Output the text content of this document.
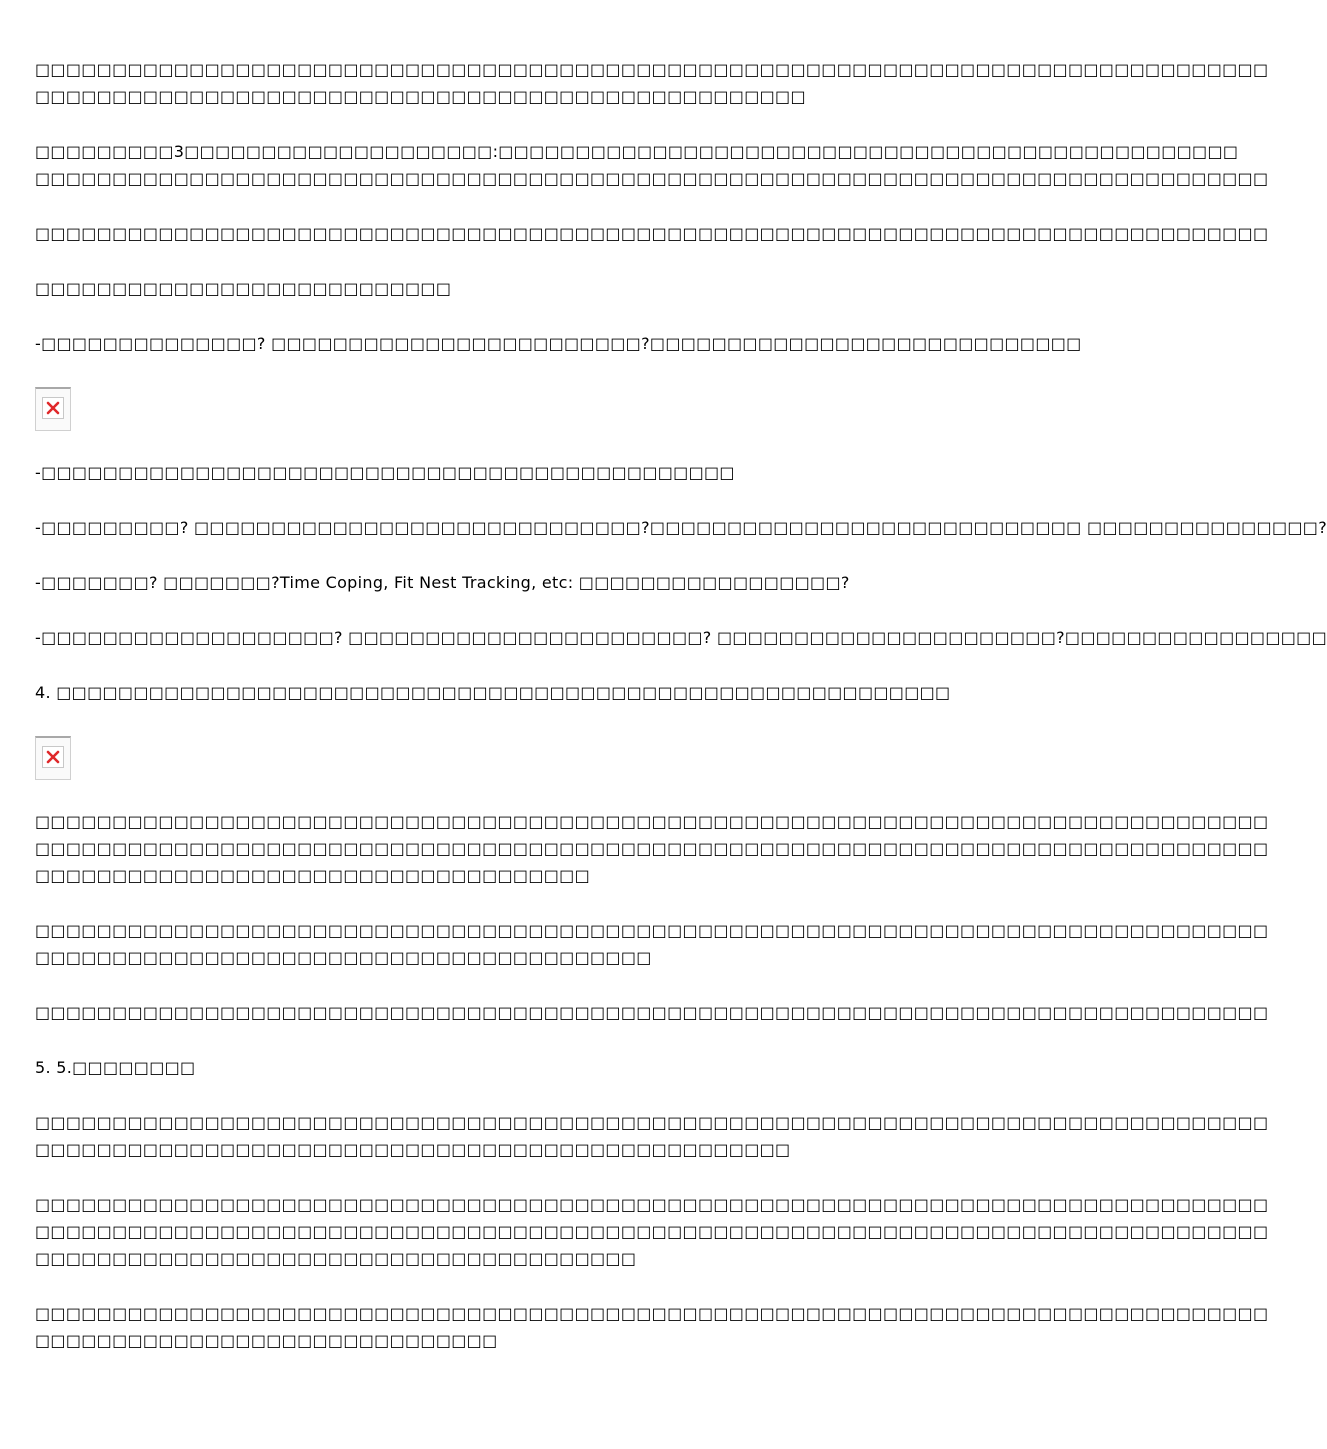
□□□□□□□□□□□□□□□□□□□□□□□□□□□□□□□□□□□□□□□□□□□□□□□□□□□□□□□□□□□□□□□□□□□□□□□□□□□□□□□□
□□□□□□□□□□□□□□□□□□□□□□□□□□□□□□□□□□□□□□□□□□□□□□□□□□

□□□□□□□□□3□□□□□□□□□□□□□□□□□□□□:□□□□□□□□□□□□□□□□□□□□□□□□□□□□□□□□□□□□□□□□□□□□□□□□
□□□□□□□□□□□□□□□□□□□□□□□□□□□□□□□□□□□□□□□□□□□□□□□□□□□□□□□□□□□□□□□□□□□□□□□□□□□□□□□□

□□□□□□□□□□□□□□□□□□□□□□□□□□□□□□□□□□□□□□□□□□□□□□□□□□□□□□□□□□□□□□□□□□□□□□□□□□□□□□□□

□□□□□□□□□□□□□□□□□□□□□□□□□□□

-□□□□□□□□□□□□□□? □□□□□□□□□□□□□□□□□□□□□□□□?□□□□□□□□□□□□□□□□□□□□□□□□□□□□

-□□□□□□□□□□□□□□□□□□□□□□□□□□□□□□□□□□□□□□□□□□□□□

-□□□□□□□□□? □□□□□□□□□□□□□□□□□□□□□□□□□□□□□?□□□□□□□□□□□□□□□□□□□□□□□□□□□□ □□□□□□□□□□□□□□□?

-□□□□□□□? □□□□□□□?Time Coping, Fit Nest Tracking, etc: □□□□□□□□□□□□□□□□□?

-□□□□□□□□□□□□□□□□□□□? □□□□□□□□□□□□□□□□□□□□□□□? □□□□□□□□□□□□□□□□□□□□□□?□□□□□□□□□□□□□□□□□

4. □□□□□□□□□□□□□□□□□□□□□□□□□□□□□□□□□□□□□□□□□□□□□□□□□□□□□□□□□□

□□□□□□□□□□□□□□□□□□□□□□□□□□□□□□□□□□□□□□□□□□□□□□□□□□□□□□□□□□□□□□□□□□□□□□□□□□□□□□□□
□□□□□□□□□□□□□□□□□□□□□□□□□□□□□□□□□□□□□□□□□□□□□□□□□□□□□□□□□□□□□□□□□□□□□□□□□□□□□□□□
□□□□□□□□□□□□□□□□□□□□□□□□□□□□□□□□□□□□

□□□□□□□□□□□□□□□□□□□□□□□□□□□□□□□□□□□□□□□□□□□□□□□□□□□□□□□□□□□□□□□□□□□□□□□□□□□□□□□□
□□□□□□□□□□□□□□□□□□□□□□□□□□□□□□□□□□□□□□□□

□□□□□□□□□□□□□□□□□□□□□□□□□□□□□□□□□□□□□□□□□□□□□□□□□□□□□□□□□□□□□□□□□□□□□□□□□□□□□□□□

5. 5.□□□□□□□□

□□□□□□□□□□□□□□□□□□□□□□□□□□□□□□□□□□□□□□□□□□□□□□□□□□□□□□□□□□□□□□□□□□□□□□□□□□□□□□□□
□□□□□□□□□□□□□□□□□□□□□□□□□□□□□□□□□□□□□□□□□□□□□□□□□

□□□□□□□□□□□□□□□□□□□□□□□□□□□□□□□□□□□□□□□□□□□□□□□□□□□□□□□□□□□□□□□□□□□□□□□□□□□□□□□□
□□□□□□□□□□□□□□□□□□□□□□□□□□□□□□□□□□□□□□□□□□□□□□□□□□□□□□□□□□□□□□□□□□□□□□□□□□□□□□□□
□□□□□□□□□□□□□□□□□□□□□□□□□□□□□□□□□□□□□□□

□□□□□□□□□□□□□□□□□□□□□□□□□□□□□□□□□□□□□□□□□□□□□□□□□□□□□□□□□□□□□□□□□□□□□□□□□□□□□□□□
□□□□□□□□□□□□□□□□□□□□□□□□□□□□□□
